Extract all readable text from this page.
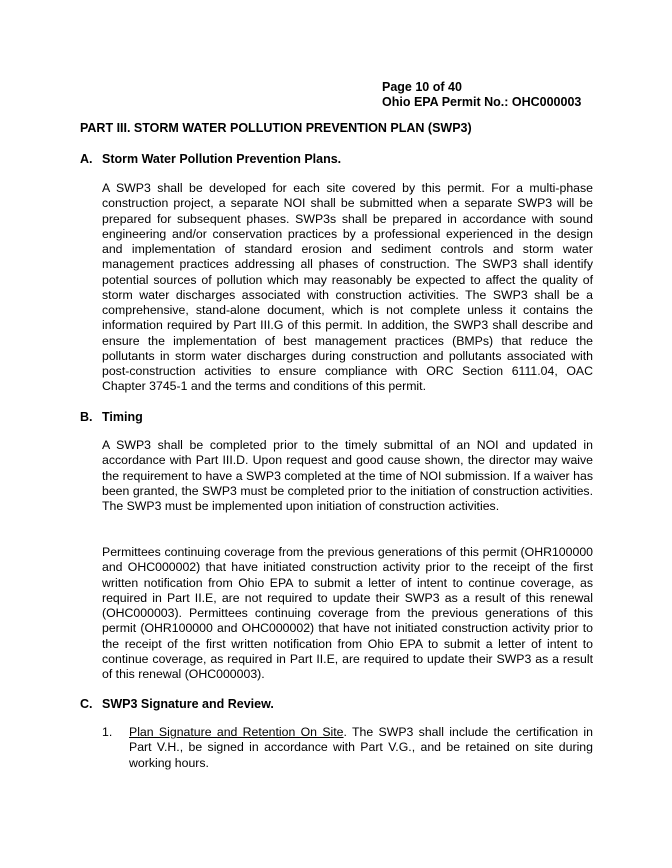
Page 10 of 40
Ohio EPA Permit No.: OHC000003
PART III. STORM WATER POLLUTION PREVENTION PLAN (SWP3)
A. Storm Water Pollution Prevention Plans.
A SWP3 shall be developed for each site covered by this permit. For a multi-phase construction project, a separate NOI shall be submitted when a separate SWP3 will be prepared for subsequent phases. SWP3s shall be prepared in accordance with sound engineering and/or conservation practices by a professional experienced in the design and implementation of standard erosion and sediment controls and storm water management practices addressing all phases of construction. The SWP3 shall identify potential sources of pollution which may reasonably be expected to affect the quality of storm water discharges associated with construction activities. The SWP3 shall be a comprehensive, stand-alone document, which is not complete unless it contains the information required by Part III.G of this permit. In addition, the SWP3 shall describe and ensure the implementation of best management practices (BMPs) that reduce the pollutants in storm water discharges during construction and pollutants associated with post-construction activities to ensure compliance with ORC Section 6111.04, OAC Chapter 3745-1 and the terms and conditions of this permit.
B. Timing
A SWP3 shall be completed prior to the timely submittal of an NOI and updated in accordance with Part III.D. Upon request and good cause shown, the director may waive the requirement to have a SWP3 completed at the time of NOI submission. If a waiver has been granted, the SWP3 must be completed prior to the initiation of construction activities. The SWP3 must be implemented upon initiation of construction activities.
Permittees continuing coverage from the previous generations of this permit (OHR100000 and OHC000002) that have initiated construction activity prior to the receipt of the first written notification from Ohio EPA to submit a letter of intent to continue coverage, as required in Part II.E, are not required to update their SWP3 as a result of this renewal (OHC000003). Permittees continuing coverage from the previous generations of this permit (OHR100000 and OHC000002) that have not initiated construction activity prior to the receipt of the first written notification from Ohio EPA to submit a letter of intent to continue coverage, as required in Part II.E, are required to update their SWP3 as a result of this renewal (OHC000003).
C. SWP3 Signature and Review.
1. Plan Signature and Retention On Site. The SWP3 shall include the certification in Part V.H., be signed in accordance with Part V.G., and be retained on site during working hours.
